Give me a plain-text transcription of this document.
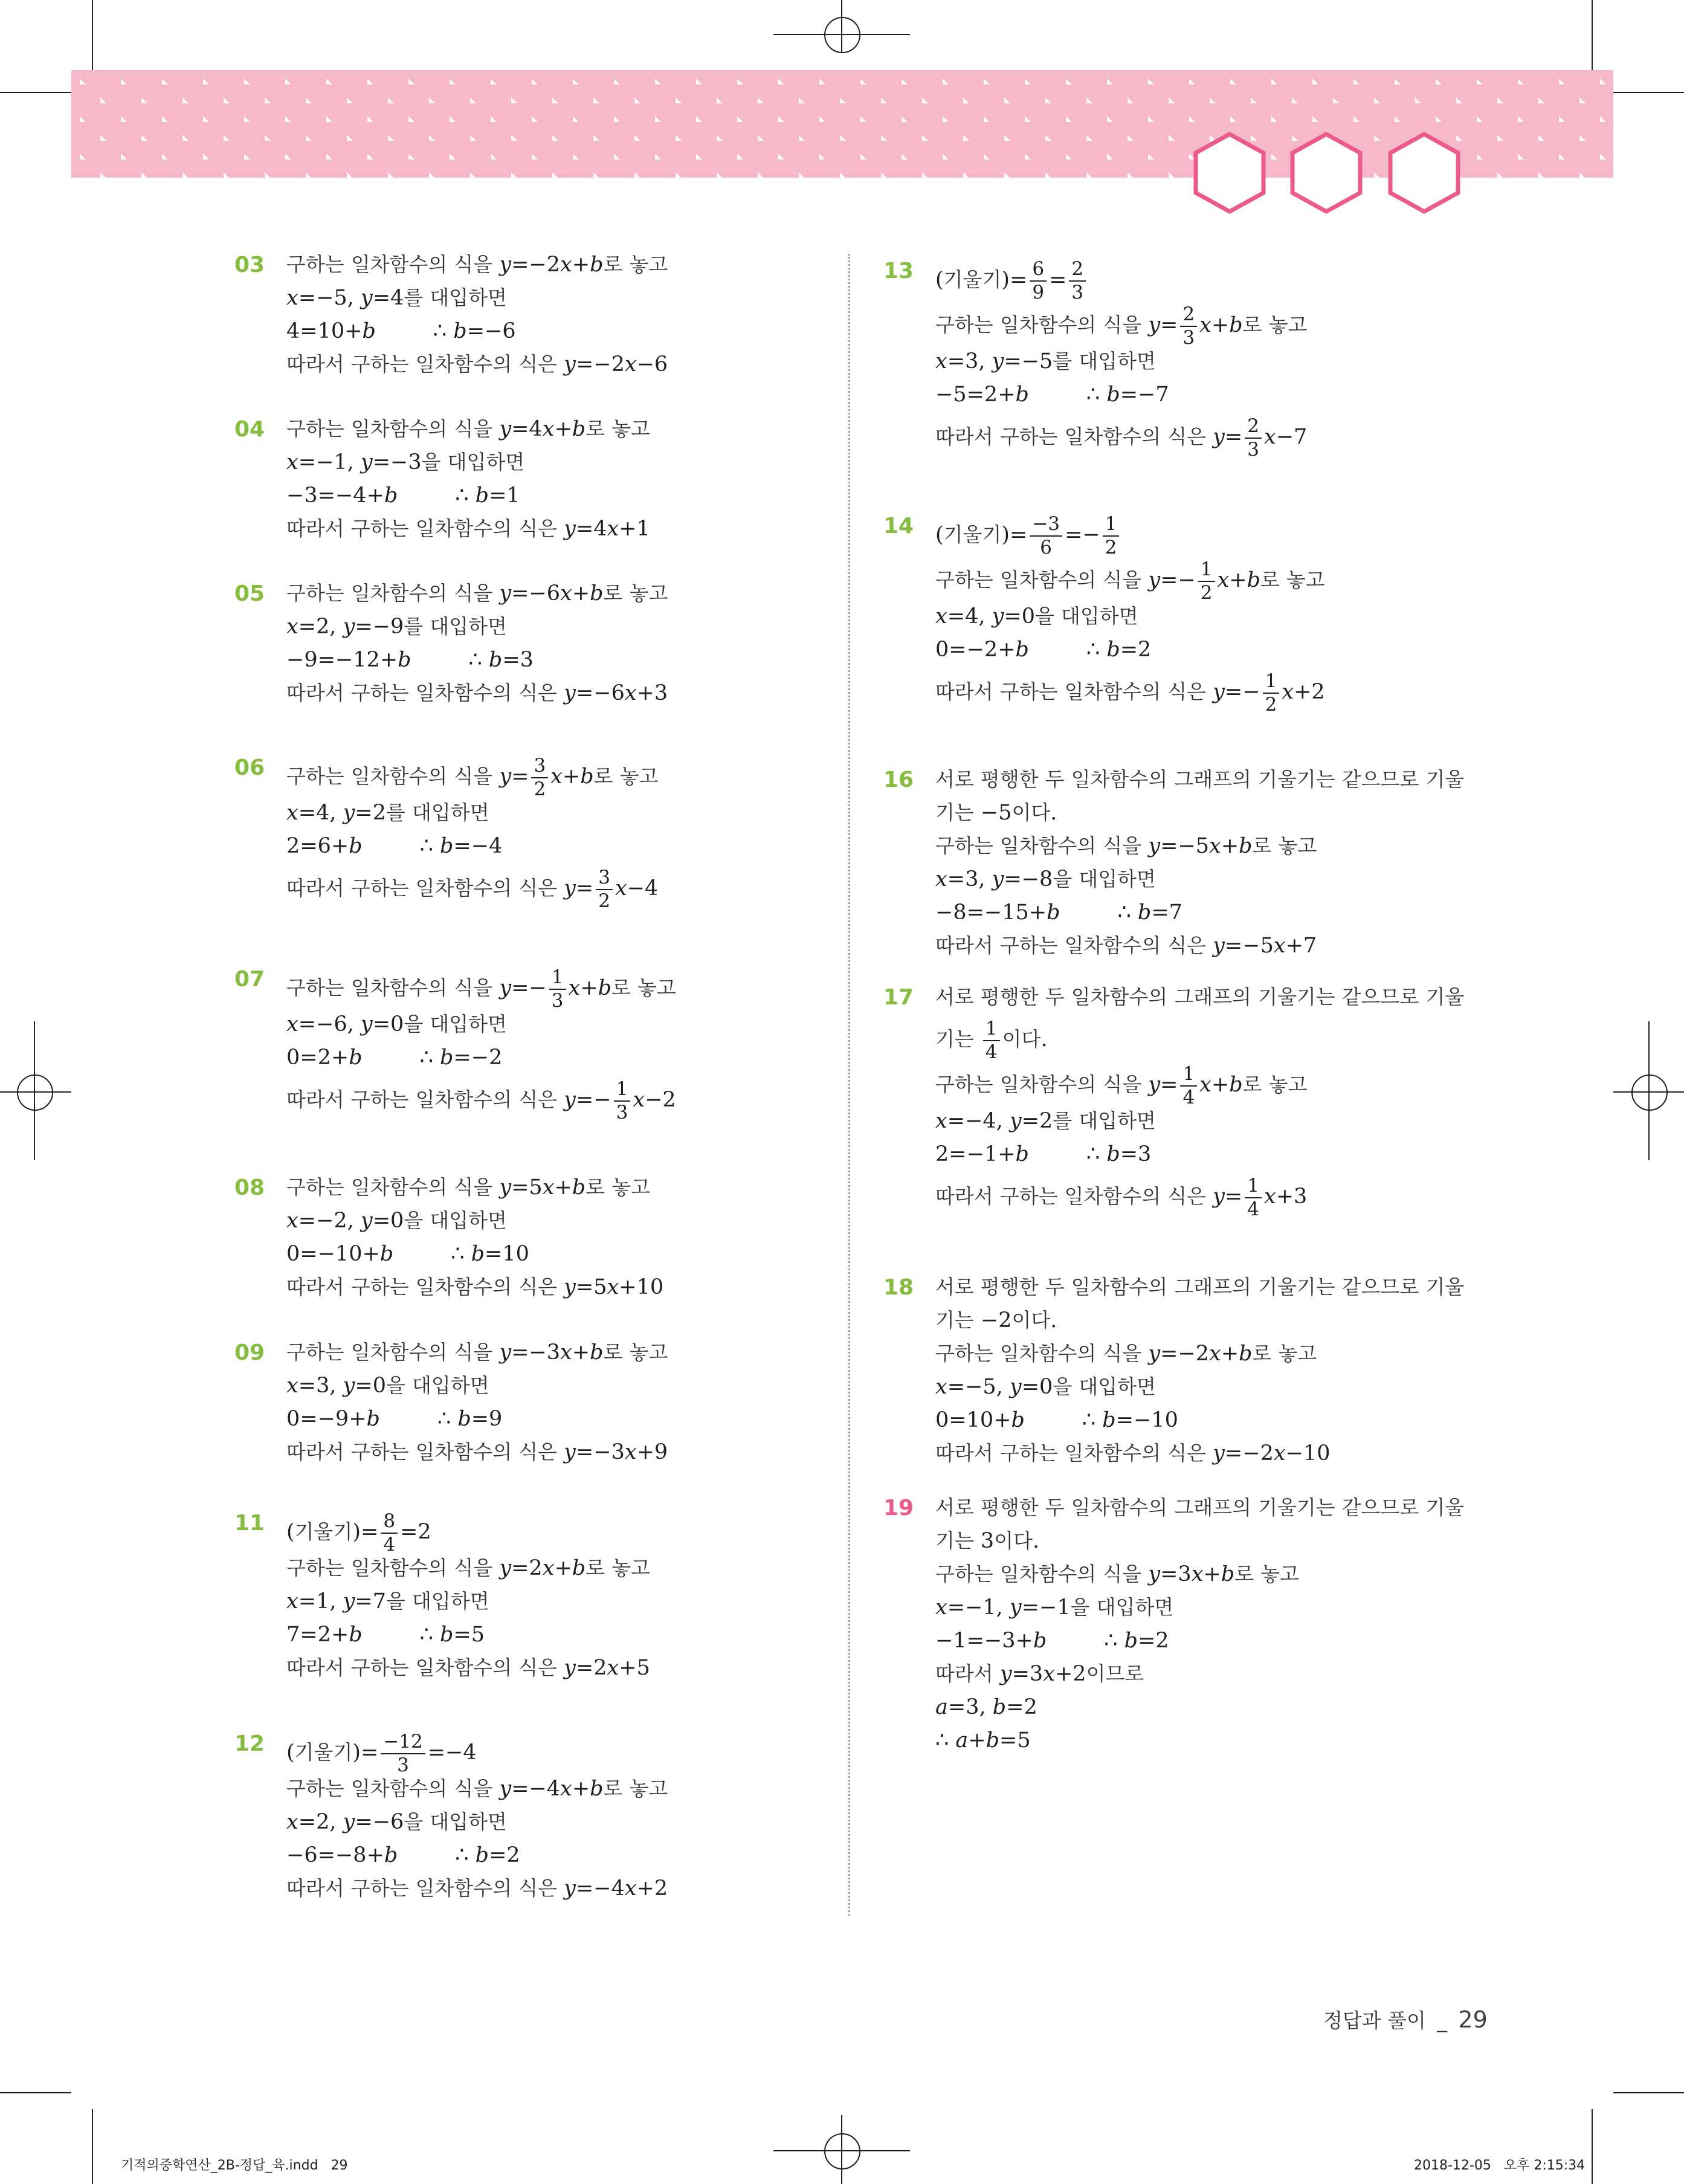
03 구하는 일차함수의 식을 y=−2x+b로 놓고
x=−5, y=4를 대입하면
4=10+b	∴ b=−6
따라서 구하는 일차함수의 식은 y=−2x−6
04 구하는 일차함수의 식을 y=4x+b로 놓고
x=−1, y=−3을 대입하면
−3=−4+b	∴ b=1
따라서 구하는 일차함수의 식은 y=4x+1
05 구하는 일차함수의 식을 y=−6x+b로 놓고
x=2, y=−9를 대입하면
−9=−12+b	∴ b=3
따라서 구하는 일차함수의 식은 y=−6x+3
06 구하는 일차함수의 식을 $y= \frac{3}{2} x+b$로 놓고
x=4, y=2를 대입하면
2=6+b	∴ b=−4
따라서 구하는 일차함수의 식은 $y= \frac{3}{2} x-4$
07 구하는 일차함수의 식을 $y=- \frac{1}{3} x+b$로 놓고
x=−6, y=0을 대입하면
0=2+b	∴ b=−2
따라서 구하는 일차함수의 식은 $y=- \frac{1}{3} x-2$
08 구하는 일차함수의 식을 y=5x+b로 놓고
x=−2, y=0을 대입하면
0=−10+b	∴ b=10
따라서 구하는 일차함수의 식은 y=5x+10
09 구하는 일차함수의 식을 y=−3x+b로 놓고
x=3, y=0을 대입하면
0=−9+b	∴ b=9
따라서 구하는 일차함수의 식은 y=−3x+9
11 (기울기)= $\frac{8}{4} =2$
구하는 일차함수의 식을 y=2x+b로 놓고
x=1, y=7을 대입하면
7=2+b	∴ b=5
따라서 구하는 일차함수의 식은 y=2x+5
12 (기울기)= $\frac{-12}{3} =-4$
구하는 일차함수의 식을 y=−4x+b로 놓고
x=2, y=−6을 대입하면
−6=−8+b	∴ b=2
따라서 구하는 일차함수의 식은 y=−4x+2
13 (기울기)= $\frac{6}{9} = \frac{2}{3}$
구하는 일차함수의 식을 $y= \frac{2}{3} x+b$로 놓고
x=3, y=−5를 대입하면
−5=2+b	∴ b=−7
따라서 구하는 일차함수의 식은 $y= \frac{2}{3} x-7$
14 (기울기)= $\frac{-3}{6} =- \frac{1}{2}$
구하는 일차함수의 식을 $y=- \frac{1}{2} x+b$로 놓고
x=4, y=0을 대입하면
0=−2+b	∴ b=2
따라서 구하는 일차함수의 식은 $y=- \frac{1}{2} x+2$
16 서로 평행한 두 일차함수의 그래프의 기울기는 같으므로 기울
기는 −5이다.
구하는 일차함수의 식을 y=−5x+b로 놓고
x=3, y=−8을 대입하면
−8=−15+b	∴ b=7
따라서 구하는 일차함수의 식은 y=−5x+7
17 서로 평행한 두 일차함수의 그래프의 기울기는 같으므로 기울
기는 $\frac{1}{4}$ 이다.
구하는 일차함수의 식을 $y= \frac{1}{4} x+b$로 놓고
x=−4, y=2를 대입하면
2=−1+b	∴ b=3
따라서 구하는 일차함수의 식은 $y= \frac{1}{4} x+3$
18 서로 평행한 두 일차함수의 그래프의 기울기는 같으므로 기울
기는 −2이다.
구하는 일차함수의 식을 y=−2x+b로 놓고
x=−5, y=0을 대입하면
0=10+b	∴ b=−10
따라서 구하는 일차함수의 식은 y=−2x−10
19 서로 평행한 두 일차함수의 그래프의 기울기는 같으므로 기울
기는 3이다.
구하는 일차함수의 식을 y=3x+b로 놓고
x=−1, y=−1을 대입하면
−1=−3+b	∴ b=2
따라서 y=3x+2이므로
a=3, b=2
∴ a+b=5
정답과 풀이 _ 29
기적의중학연산_2B-정답_육.indd   29	2018-12-05   오후 2:15:34
